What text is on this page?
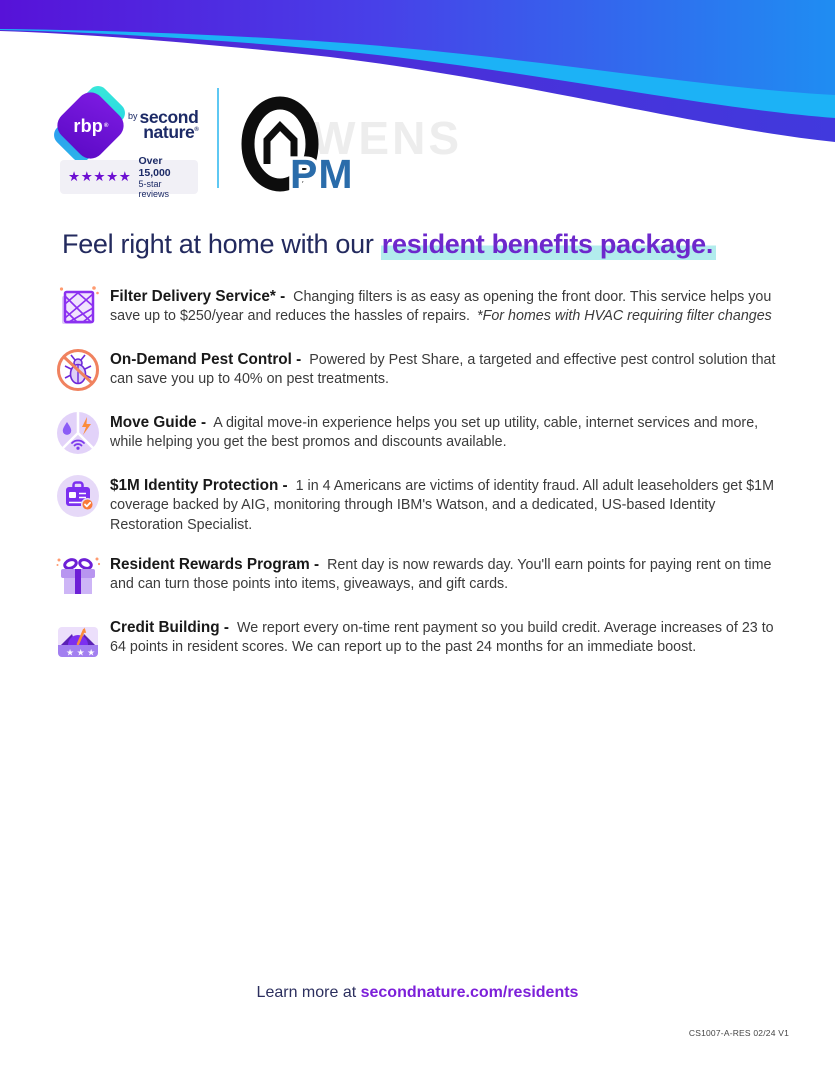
rbp ®
by second
nature®
★★★★★
Over 15,000
5-star reviews
WENS
PM
Feel right at home with our resident benefits package.

Filter Delivery Service* - Changing filters is as easy as opening the front door. This service helps you save up to $250/year and reduces the hassles of repairs. *For homes with HVAC requiring filter changes

On-Demand Pest Control - Powered by Pest Share, a targeted and effective pest control solution that can save you up to 40% on pest treatments.

Move Guide - A digital move-in experience helps you set up utility, cable, internet services and more, while helping you get the best promos and discounts available.

$1M Identity Protection - 1 in 4 Americans are victims of identity fraud. All adult leaseholders get $1M coverage backed by AIG, monitoring through IBM's Watson, and a dedicated, US-based Identity Restoration Specialist.

Resident Rewards Program - Rent day is now rewards day. You'll earn points for paying rent on time and can turn those points into items, giveaways, and gift cards.

★★★

Credit Building - We report every on-time rent payment so you build credit. Average increases of 23 to 64 points in resident scores. We can report up to the past 24 months for an immediate boost.

Learn more at secondnature.com/residents
CS1007-A-RES 02/24 V1
